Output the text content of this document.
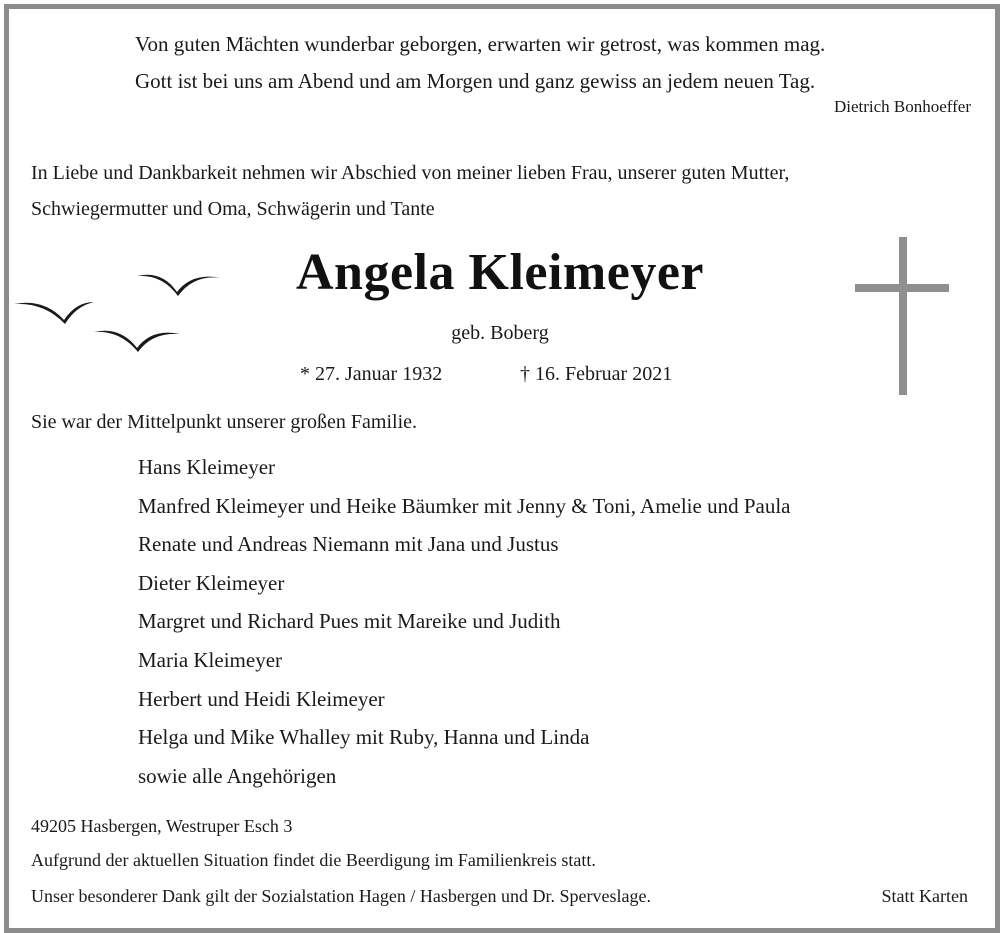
Von guten Mächten wunderbar geborgen, erwarten wir getrost, was kommen mag.

Gott ist bei uns am Abend und am Morgen und ganz gewiss an jedem neuen Tag.

Dietrich Bonhoeffer

In Liebe und Dankbarkeit nehmen wir Abschied von meiner lieben Frau, unserer guten Mutter,

Schwiegermutter und Oma, Schwägerin und Tante

Angela Kleimeyer

geb. Boberg

* 27. Januar 1932	† 16. Februar 2021

Sie war der Mittelpunkt unserer großen Familie.

Hans Kleimeyer
Manfred Kleimeyer und Heike Bäumker mit Jenny & Toni, Amelie und Paula
Renate und Andreas Niemann mit Jana und Justus
Dieter Kleimeyer
Margret und Richard Pues mit Mareike und Judith
Maria Kleimeyer
Herbert und Heidi Kleimeyer
Helga und Mike Whalley mit Ruby, Hanna und Linda
sowie alle Angehörigen

49205 Hasbergen, Westruper Esch 3

Aufgrund der aktuellen Situation findet die Beerdigung im Familienkreis statt.

Unser besonderer Dank gilt der Sozialstation Hagen / Hasbergen und Dr. Sperveslage.	Statt Karten
